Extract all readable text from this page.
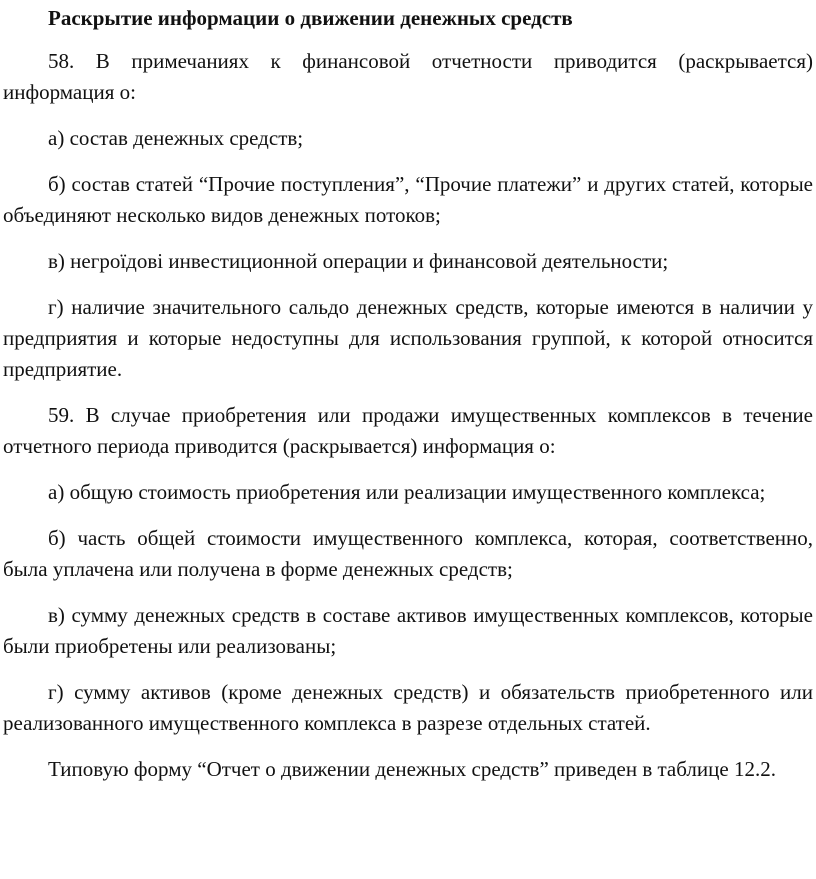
Раскрытие информации о движении денежных средств

58. В примечаниях к финансовой отчетности приводится (раскрывается) информация о:

а) состав денежных средств;

б) состав статей “Прочие поступления”, “Прочие платежи” и других статей, которые объединяют несколько видов денежных потоков;

в) негроїдові инвестиционной операции и финансовой деятельности;

г) наличие значительного сальдо денежных средств, которые имеются в наличии у предприятия и которые недоступны для использования группой, к которой относится предприятие.

59. В случае приобретения или продажи имущественных комплексов в течение отчетного периода приводится (раскрывается) информация о:

а) общую стоимость приобретения или реализации имущественного комплекса;

б) часть общей стоимости имущественного комплекса, которая, соответственно, была уплачена или получена в форме денежных средств;

в) сумму денежных средств в составе активов имущественных комплексов, которые были приобретены или реализованы;

г) сумму активов (кроме денежных средств) и обязательств приобретенного или реализованного имущественного комплекса в разрезе отдельных статей.

Типовую форму “Отчет о движении денежных средств” приведен в таблице 12.2.
